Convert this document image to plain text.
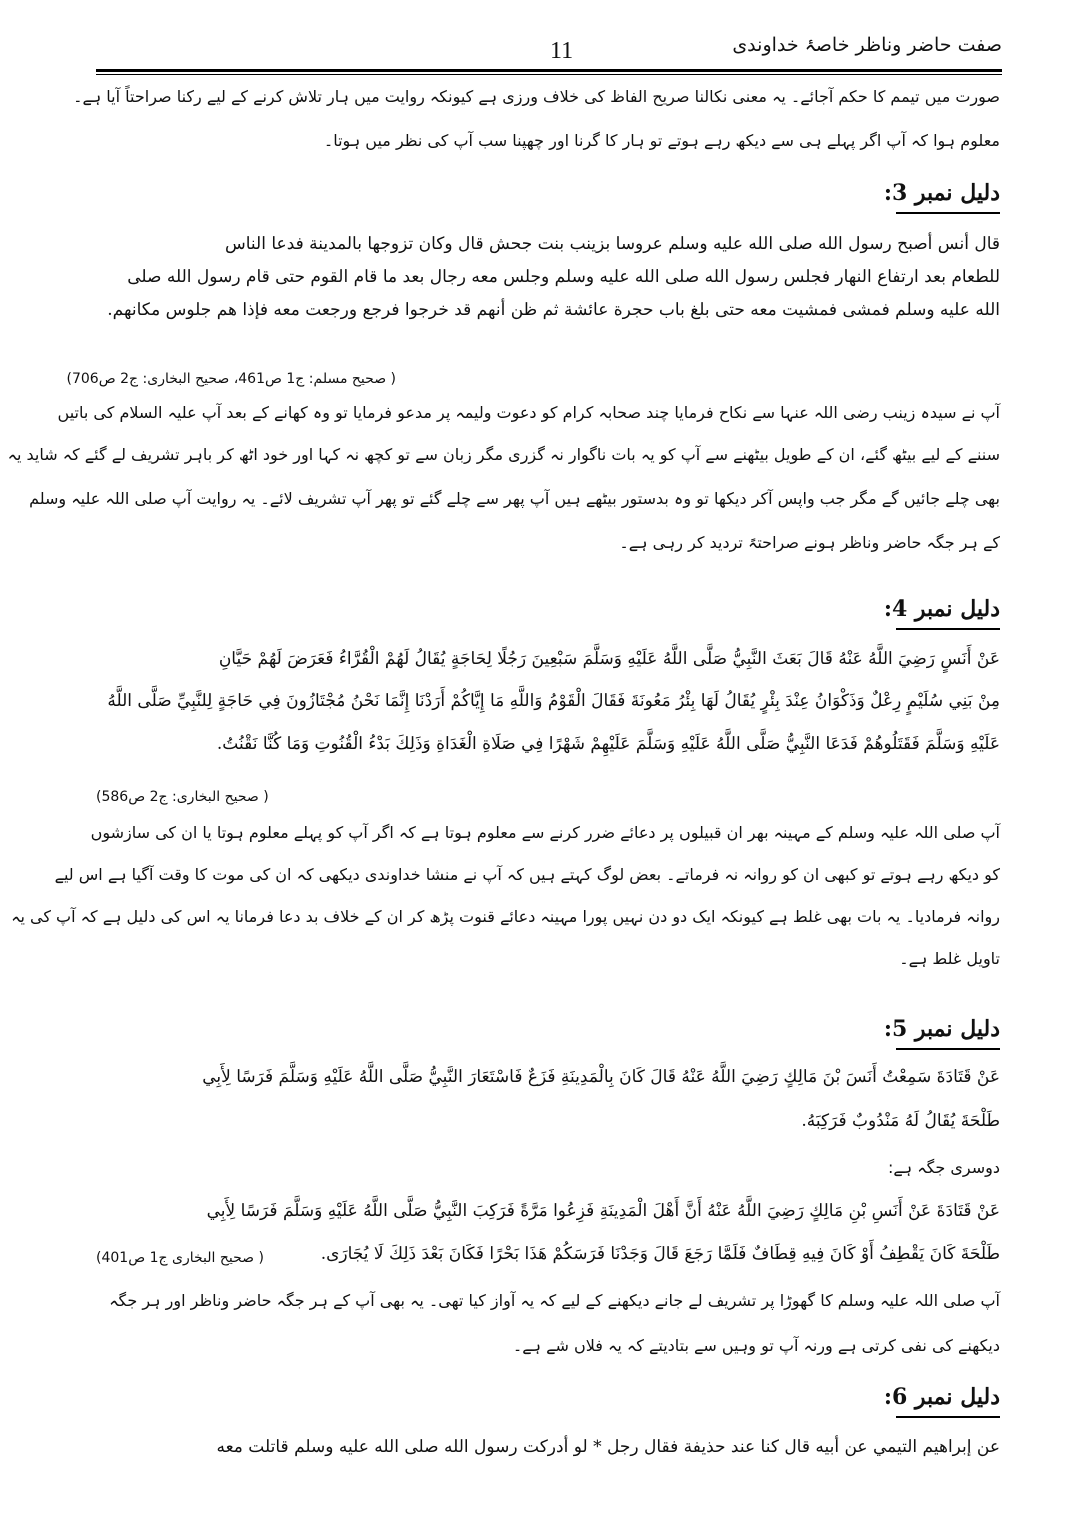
صفت حاضر وناظر خاصۂ خداوندی
11
صورت میں تیمم کا حکم آجائے۔ یہ معنی نکالنا صریح الفاظ کی خلاف ورزی ہے کیونکہ روایت میں ہار تلاش کرنے کے لیے رکنا صراحتاً آیا ہے۔
معلوم ہوا کہ آپ اگر پہلے ہی سے دیکھ رہے ہوتے تو ہار کا گرنا اور چھپنا سب آپ کی نظر میں ہوتا۔
دلیل نمبر 3:
قال أنس أصبح رسول الله صلى الله عليه وسلم عروسا بزينب بنت جحش قال وكان تزوجها بالمدينة فدعا الناس
للطعام بعد ارتفاع النهار فجلس رسول الله صلى الله عليه وسلم وجلس معه رجال بعد ما قام القوم حتى قام رسول الله صلى
الله عليه وسلم فمشى فمشيت معه حتى بلغ باب حجرة عائشة ثم ظن أنهم قد خرجوا فرجع ورجعت معه فإذا هم جلوس مكانهم.
( صحیح مسلم: ج1 ص461، صحیح البخاری: ج2 ص706)
آپ نے سیدہ زینب رضی اللہ عنہا سے نکاح فرمایا چند صحابہ کرام کو دعوت ولیمہ پر مدعو فرمایا تو وہ کھانے کے بعد آپ علیہ السلام کی باتیں
سننے کے لیے بیٹھ گئے، ان کے طویل بیٹھنے سے آپ کو یہ بات ناگوار نہ گزری مگر زبان سے تو کچھ نہ کہا اور خود اٹھ کر باہر تشریف لے گئے کہ شاید یہ
بھی چلے جائیں گے مگر جب واپس آکر دیکھا تو وہ بدستور بیٹھے ہیں آپ پھر سے چلے گئے تو پھر آپ تشریف لائے۔ یہ روایت آپ صلی اللہ علیہ وسلم
کے ہر جگہ حاضر وناظر ہونے صراحتہً تردید کر رہی ہے۔
دلیل نمبر 4:
عَنْ أَنَسٍ رَضِيَ اللَّهُ عَنْهُ قَالَ بَعَثَ النَّبِيُّ صَلَّى اللَّهُ عَلَيْهِ وَسَلَّمَ سَبْعِينَ رَجُلًا لِحَاجَةٍ يُقَالُ لَهُمْ الْقُرَّاءُ فَعَرَضَ لَهُمْ حَيَّانِ
مِنْ بَنِي سُلَيْمٍ رِعْلٌ وَذَكْوَانُ عِنْدَ بِئْرٍ يُقَالُ لَهَا بِئْرُ مَعُونَةَ فَقَالَ الْقَوْمُ وَاللَّهِ مَا إِيَّاكُمْ أَرَدْنَا إِنَّمَا نَحْنُ مُجْتَازُونَ فِي حَاجَةٍ لِلنَّبِيِّ صَلَّى اللَّهُ
عَلَيْهِ وَسَلَّمَ فَقَتَلُوهُمْ فَدَعَا النَّبِيُّ صَلَّى اللَّهُ عَلَيْهِ وَسَلَّمَ عَلَيْهِمْ شَهْرًا فِي صَلَاةِ الْغَدَاةِ وَذَلِكَ بَدْءُ الْقُنُوتِ وَمَا كُنَّا نَقْنُتُ.
( صحیح البخاری: ج2 ص586)
آپ صلی اللہ علیہ وسلم کے مہینہ بھر ان قبیلوں پر دعائے ضرر کرنے سے معلوم ہوتا ہے کہ اگر آپ کو پہلے معلوم ہوتا یا ان کی سازشوں
کو دیکھ رہے ہوتے تو کبھی ان کو روانہ نہ فرماتے۔ بعض لوگ کہتے ہیں کہ آپ نے منشا خداوندی دیکھی کہ ان کی موت کا وقت آگیا ہے اس لیے
روانہ فرمادیا۔ یہ بات بھی غلط ہے کیونکہ ایک دو دن نہیں پورا مہینہ دعائے قنوت پڑھ کر ان کے خلاف بد دعا فرمانا یہ اس کی دلیل ہے کہ آپ کی یہ
تاویل غلط ہے۔
دلیل نمبر 5:
عَنْ قَتَادَةَ سَمِعْتُ أَنَسَ بْنَ مَالِكٍ رَضِيَ اللَّهُ عَنْهُ قَالَ كَانَ بِالْمَدِينَةِ فَزَعٌ فَاسْتَعَارَ النَّبِيُّ صَلَّى اللَّهُ عَلَيْهِ وَسَلَّمَ فَرَسًا لِأَبِي
طَلْحَةَ يُقَالُ لَهُ مَنْدُوبٌ فَرَكِبَهُ.
دوسری جگہ ہے:
عَنْ قَتَادَةَ عَنْ أَنَسِ بْنِ مَالِكٍ رَضِيَ اللَّهُ عَنْهُ أَنَّ أَهْلَ الْمَدِينَةِ فَزِعُوا مَرَّةً فَرَكِبَ النَّبِيُّ صَلَّى اللَّهُ عَلَيْهِ وَسَلَّمَ فَرَسًا لِأَبِي
طَلْحَةَ كَانَ يَقْطِفُ أَوْ كَانَ فِيهِ قِطَافٌ فَلَمَّا رَجَعَ قَالَ وَجَدْنَا فَرَسَكُمْ هَذَا بَحْرًا فَكَانَ بَعْدَ ذَلِكَ لَا يُجَارَى.
( صحیح البخاری ج1 ص401)
آپ صلی اللہ علیہ وسلم کا گھوڑا پر تشریف لے جانے دیکھنے کے لیے کہ یہ آواز کیا تھی۔ یہ بھی آپ کے ہر جگہ حاضر وناظر اور ہر جگہ
دیکھنے کی نفی کرتی ہے ورنہ آپ تو وہیں سے بتادیتے کہ یہ فلاں شے ہے۔
دلیل نمبر 6:
عن إبراهيم التيمي عن أبيه قال كنا عند حذيفة فقال رجل * لو أدركت رسول الله صلى الله عليه وسلم قاتلت معه
